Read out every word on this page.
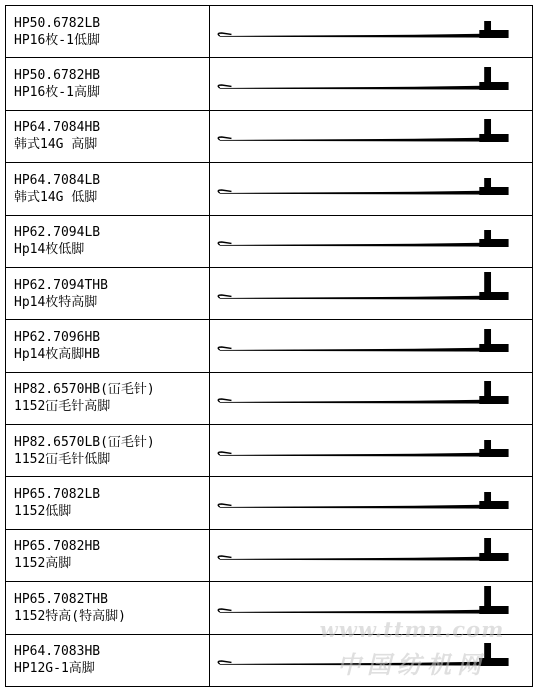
HP50.6782LB
HP16枚-1低脚

HP50.6782HB
HP16枚-1高脚

HP64.7084HB
韩式14G 高脚

HP64.7084LB
韩式14G 低脚

HP62.7094LB
Hp14枚低脚

HP62.7094THB
Hp14枚特高脚

HP62.7096HB
Hp14枚高脚HB

HP82.6570HB(冚毛针)
1152冚毛针高脚

HP82.6570LB(冚毛针)
1152冚毛针低脚

HP65.7082LB
1152低脚

HP65.7082HB
1152高脚

HP65.7082THB
1152特高(特高脚)

HP64.7083HB
HP12G-1高脚

www.ttmn.com
中国纺机网
